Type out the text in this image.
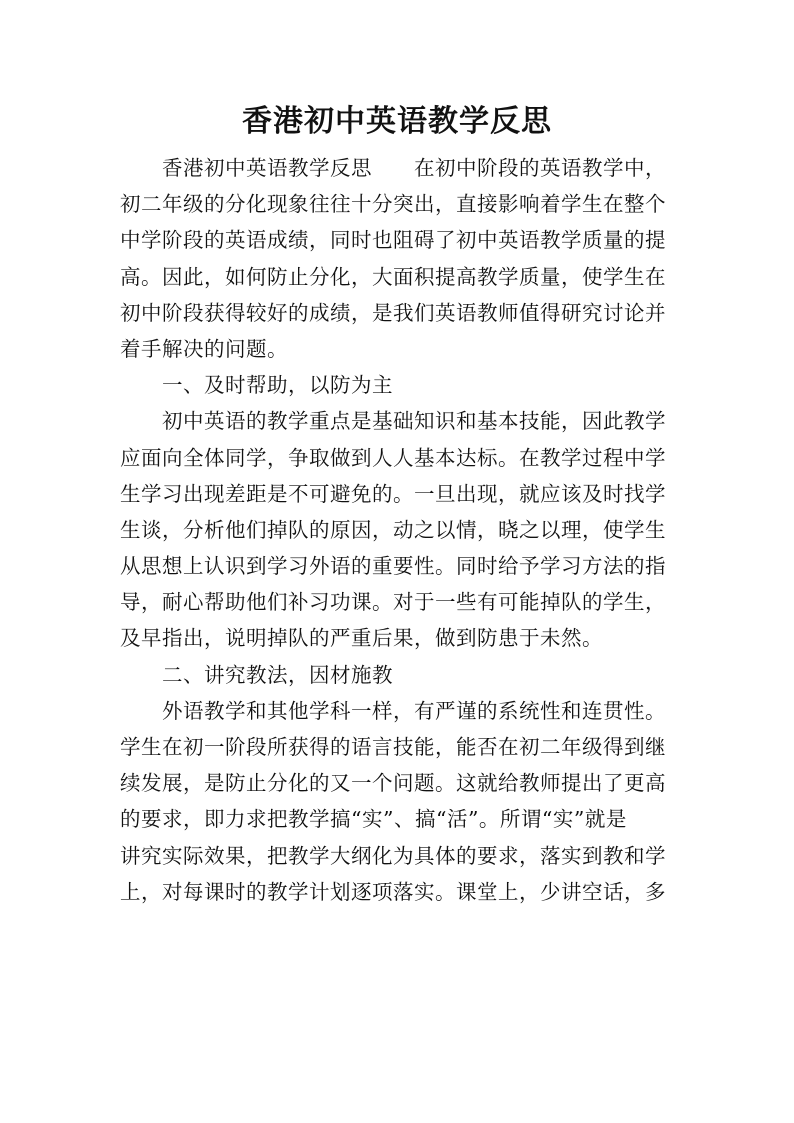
香港初中英语教学反思
香港初中英语教学反思　　在初中阶段的英语教学中，
初二年级的分化现象往往十分突出，直接影响着学生在整个
中学阶段的英语成绩，同时也阻碍了初中英语教学质量的提
高。因此，如何防止分化，大面积提高教学质量，使学生在
初中阶段获得较好的成绩，是我们英语教师值得研究讨论并
着手解决的问题。
一、及时帮助，以防为主
初中英语的教学重点是基础知识和基本技能，因此教学
应面向全体同学，争取做到人人基本达标。在教学过程中学
生学习出现差距是不可避免的。一旦出现，就应该及时找学
生谈，分析他们掉队的原因，动之以情，晓之以理，使学生
从思想上认识到学习外语的重要性。同时给予学习方法的指
导，耐心帮助他们补习功课。对于一些有可能掉队的学生，
及早指出，说明掉队的严重后果，做到防患于未然。
二、讲究教法，因材施教
外语教学和其他学科一样，有严谨的系统性和连贯性。
学生在初一阶段所获得的语言技能，能否在初二年级得到继
续发展，是防止分化的又一个问题。这就给教师提出了更高
的要求，即力求把教学搞“实”、搞“活”。所谓“实”就是
讲究实际效果，把教学大纲化为具体的要求，落实到教和学
上，对每课时的教学计划逐项落实。课堂上，少讲空话，多
